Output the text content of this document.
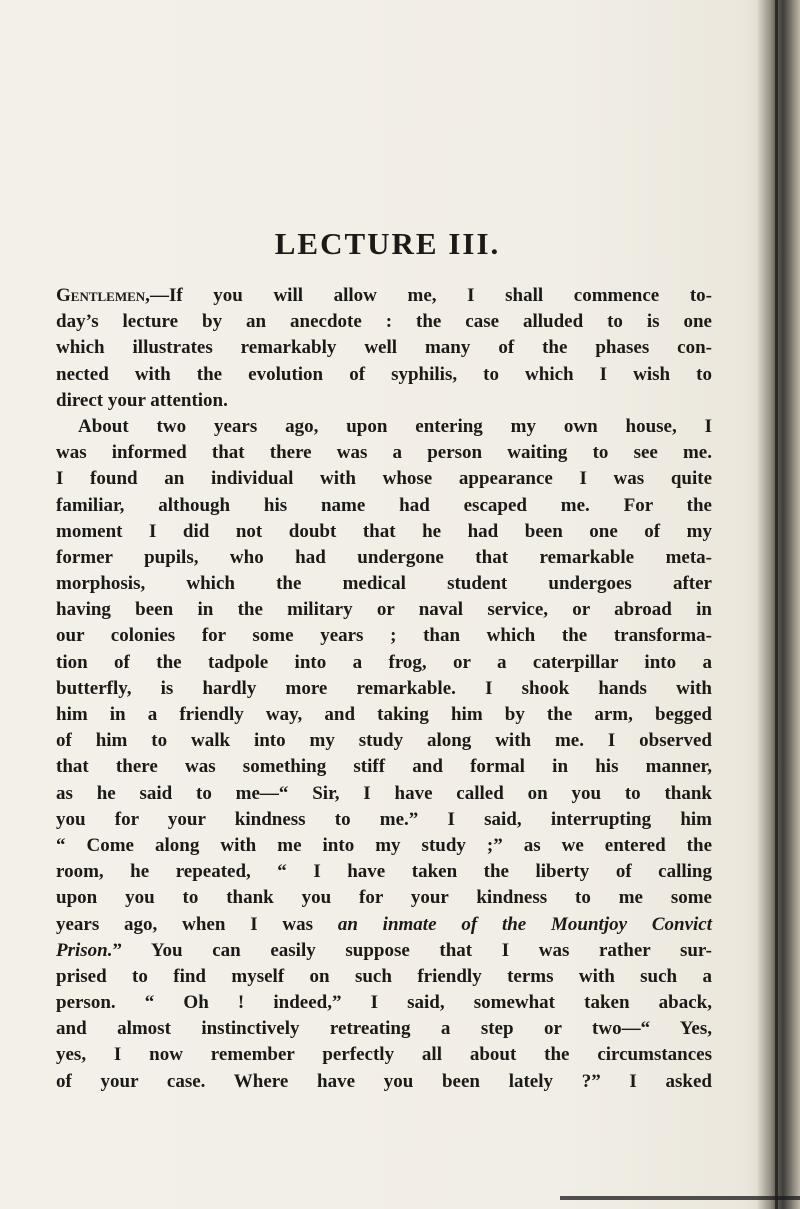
LECTURE III.
Gentlemen,—If you will allow me, I shall commence to-
day’s lecture by an anecdote : the case alluded to is one
which illustrates remarkably well many of the phases con-
nected with the evolution of syphilis, to which I wish to
direct your attention.
About two years ago, upon entering my own house, I
was informed that there was a person waiting to see me.
I found an individual with whose appearance I was quite
familiar, although his name had escaped me. For the
moment I did not doubt that he had been one of my
former pupils, who had undergone that remarkable meta-
morphosis, which the medical student undergoes after
having been in the military or naval service, or abroad in
our colonies for some years ; than which the transforma-
tion of the tadpole into a frog, or a caterpillar into a
butterfly, is hardly more remarkable. I shook hands with
him in a friendly way, and taking him by the arm, begged
of him to walk into my study along with me. I observed
that there was something stiff and formal in his manner,
as he said to me—“ Sir, I have called on you to thank
you for your kindness to me.” I said, interrupting him
“ Come along with me into my study ;” as we entered the
room, he repeated, “ I have taken the liberty of calling
upon you to thank you for your kindness to me some
years ago, when I was an inmate of the Mountjoy Convict
Prison.” You can easily suppose that I was rather sur-
prised to find myself on such friendly terms with such a
person. “ Oh ! indeed,” I said, somewhat taken aback,
and almost instinctively retreating a step or two—“ Yes,
yes, I now remember perfectly all about the circumstances
of your case. Where have you been lately ?” I asked
